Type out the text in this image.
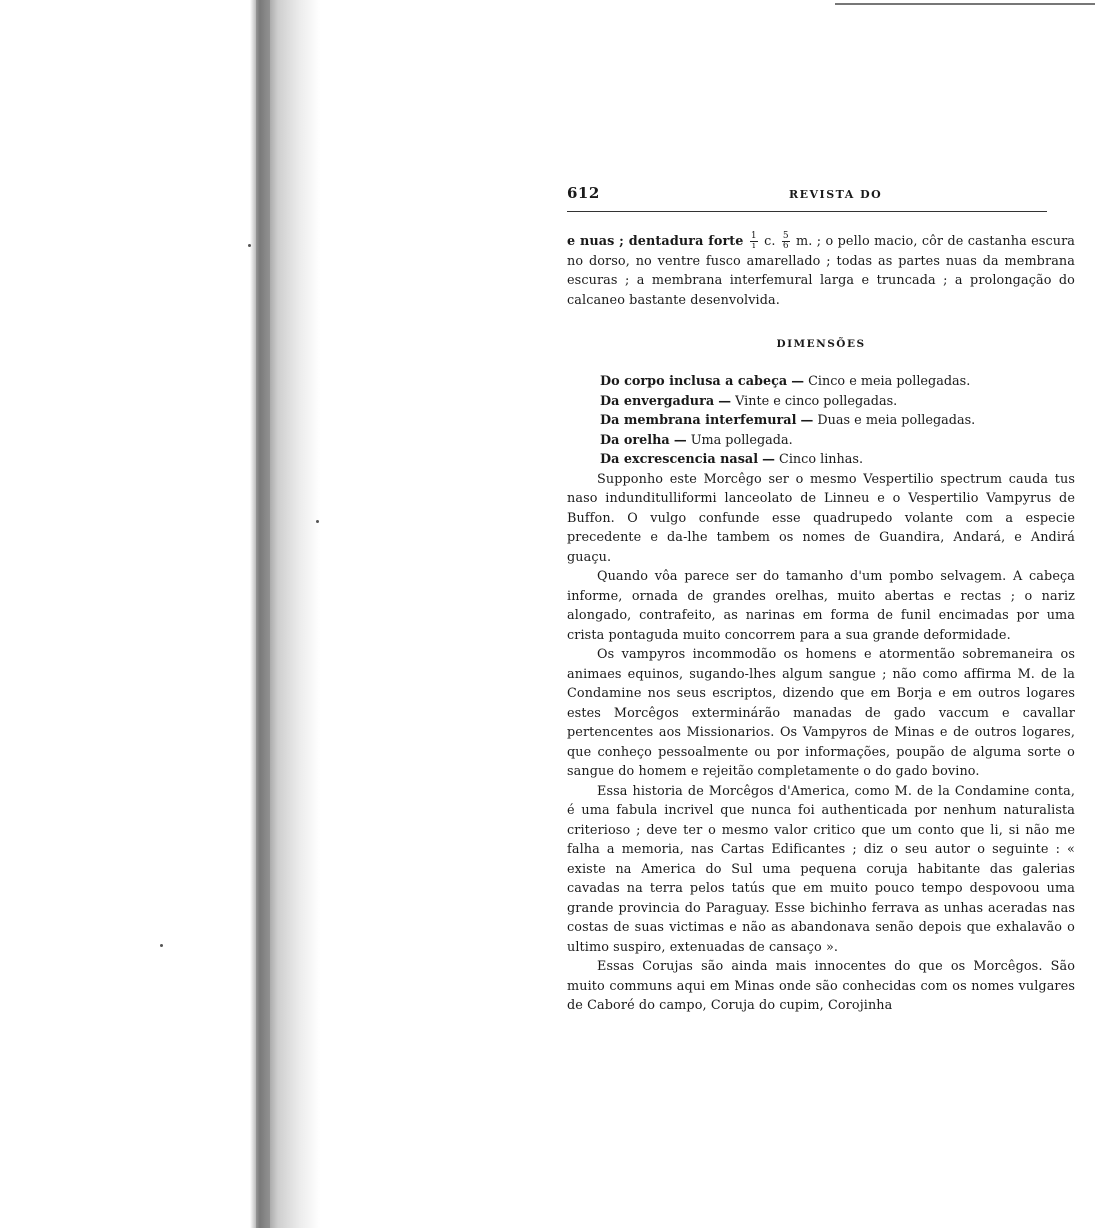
612	REVISTA DO

e nuas ; dentadura forte $\frac{1}{i} c$. $\frac{5}{6} m$. ; o pello macio, côr de castanha escura no dorso, no ventre fusco amarellado ; todas as partes nuas da membrana escuras ; a membrana interfemural larga e truncada ; a prolongação do calcaneo bastante desenvolvida.

DIMENSÕES
Do corpo inclusa a cabeça — Cinco e meia pollegadas.
Da envergadura — Vinte e cinco pollegadas.
Da membrana interfemural — Duas e meia pollegadas.
Da orelha — Uma pollegada.
Da excrescencia nasal — Cinco linhas.

Supponho este Morcêgo ser o mesmo Vespertilio spectrum cauda tus naso indunditulliformi lanceolato de Linneu e o Vespertilio Vampyrus de Buffon. O vulgo confunde esse quadrupedo volante com a especie precedente e da-lhe tambem os nomes de Guandira, Andará, e Andirá guaçu.

Quando vôa parece ser do tamanho d'um pombo selvagem. A cabeça informe, ornada de grandes orelhas, muito abertas e rectas ; o nariz alongado, contrafeito, as narinas em forma de funil encimadas por uma crista pontaguda muito concorrem para a sua grande deformidade.

Os vampyros incommodão os homens e atormentão sobremaneira os animaes equinos, sugando-lhes algum sangue ; não como affirma M. de la Condamine nos seus escriptos, dizendo que em Borja e em outros logares estes Morcêgos exterminárão manadas de gado vaccum e cavallar pertencentes aos Missionarios. Os Vampyros de Minas e de outros logares, que conheço pessoalmente ou por informações, poupão de alguma sorte o sangue do homem e rejeitão completamente o do gado bovino.

Essa historia de Morcêgos d'America, como M. de la Condamine conta, é uma fabula incrivel que nunca foi authenticada por nenhum naturalista criterioso ; deve ter o mesmo valor critico que um conto que li, si não me falha a memoria, nas Cartas Edificantes ; diz o seu autor o seguinte : « existe na America do Sul uma pequena coruja habitante das galerias cavadas na terra pelos tatús que em muito pouco tempo despovoou uma grande provincia do Paraguay. Esse bichinho ferrava as unhas aceradas nas costas de suas victimas e não as abandonava senão depois que exhalavão o ultimo suspiro, extenuadas de cansaço ».

Essas Corujas são ainda mais innocentes do que os Morcêgos. São muito communs aqui em Minas onde são conhecidas com os nomes vulgares de Caboré do campo, Coruja do cupim, Corojinha
